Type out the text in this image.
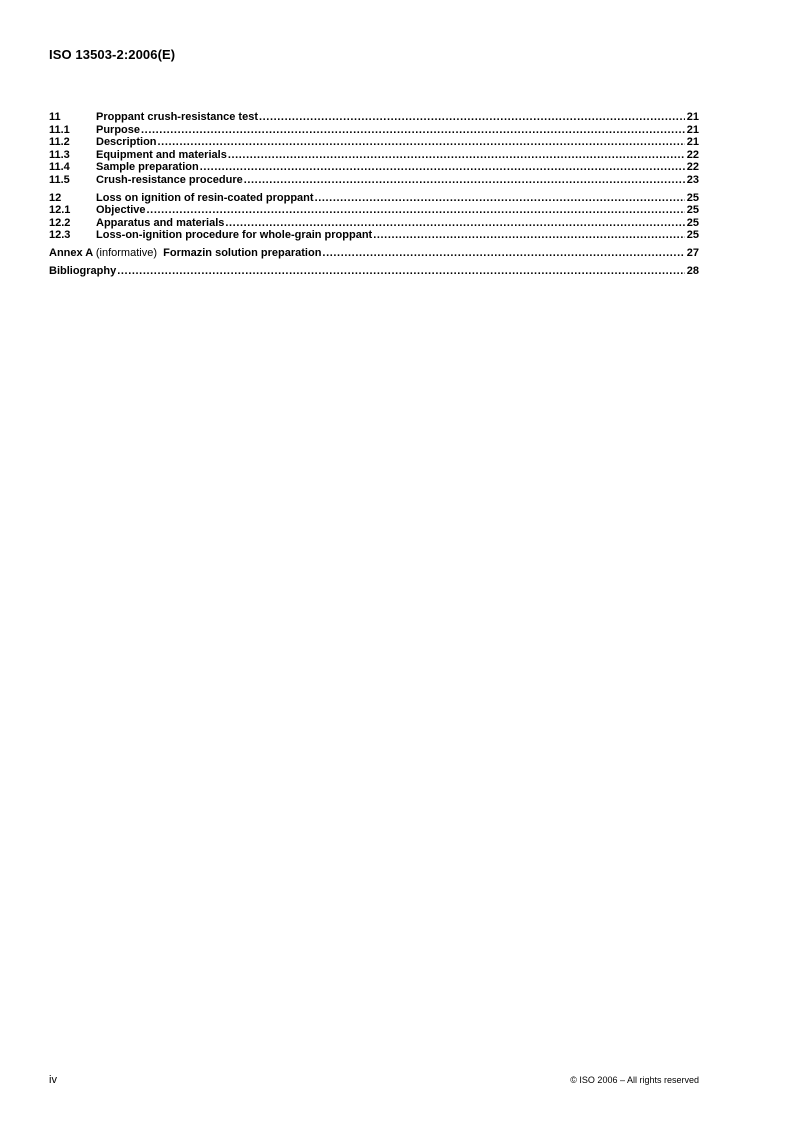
ISO 13503-2:2006(E)
11	Proppant crush-resistance test .....	21
11.1	Purpose .....	21
11.2	Description .....	21
11.3	Equipment and materials .....	22
11.4	Sample preparation .....	22
11.5	Crush-resistance procedure .....	23
12	Loss on ignition of resin-coated proppant .....	25
12.1	Objective .....	25
12.2	Apparatus and materials .....	25
12.3	Loss-on-ignition procedure for whole-grain proppant .....	25
Annex A (informative) Formazin solution preparation .....	27
Bibliography .....	28
iv	© ISO 2006 – All rights reserved
